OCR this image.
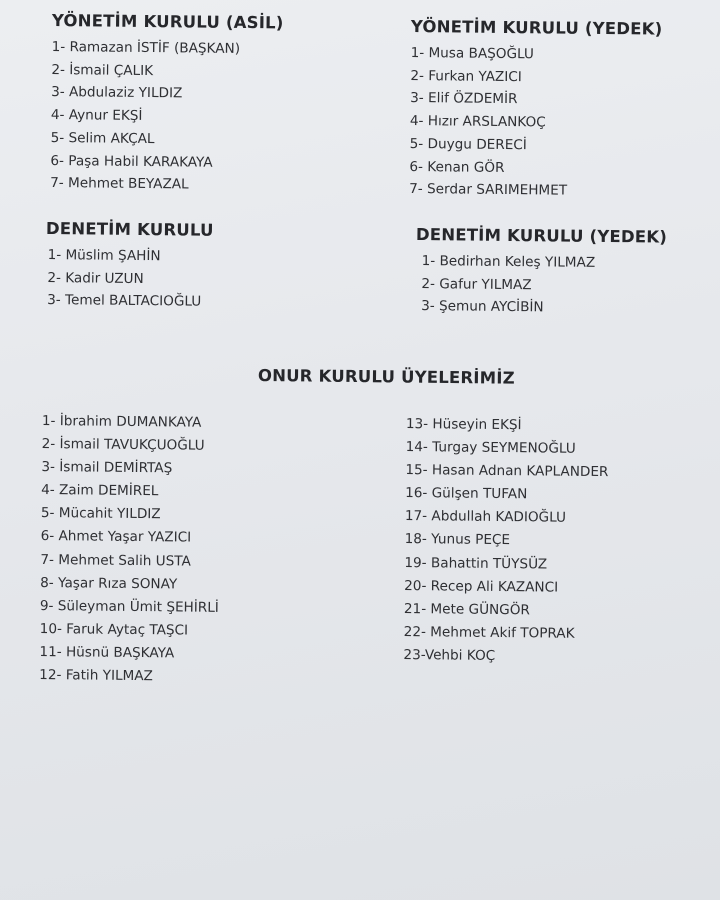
YÖNETİM KURULU (ASİL)
1- Ramazan İSTİF (BAŞKAN)
2- İsmail ÇALIK
3- Abdulaziz YILDIZ
4- Aynur EKŞİ
5- Selim AKÇAL
6- Paşa Habil KARAKAYA
7- Mehmet BEYAZAL
YÖNETİM KURULU (YEDEK)
1- Musa BAŞOĞLU
2- Furkan YAZICI
3- Elif ÖZDEMİR
4- Hızır ARSLANKOÇ
5- Duygu DERECİ
6- Kenan GÖR
7- Serdar SARIMEHMET
DENETİM KURULU
1- Müslim ŞAHİN
2- Kadir UZUN
3- Temel BALTACIOĞLU
DENETİM KURULU (YEDEK)
1- Bedirhan Keleş YILMAZ
2- Gafur YILMAZ
3- Şemun AYCİBİN
ONUR KURULU ÜYELERİMİZ
1- İbrahim DUMANKAYA
2- İsmail TAVUKÇUOĞLU
3- İsmail DEMİRTAŞ
4- Zaim DEMİREL
5- Mücahit YILDIZ
6- Ahmet Yaşar YAZICI
7- Mehmet Salih USTA
8- Yaşar Rıza SONAY
9- Süleyman Ümit ŞEHİRLİ
10- Faruk Aytaç TAŞCI
11- Hüsnü BAŞKAYA
12- Fatih YILMAZ
13- Hüseyin EKŞİ
14- Turgay SEYMENOĞLU
15- Hasan Adnan KAPLANDER
16- Gülşen TUFAN
17- Abdullah KADIOĞLU
18- Yunus PEÇE
19- Bahattin TÜYSÜZ
20- Recep Ali KAZANCI
21- Mete GÜNGÖR
22- Mehmet Akif TOPRAK
23-Vehbi KOÇ
